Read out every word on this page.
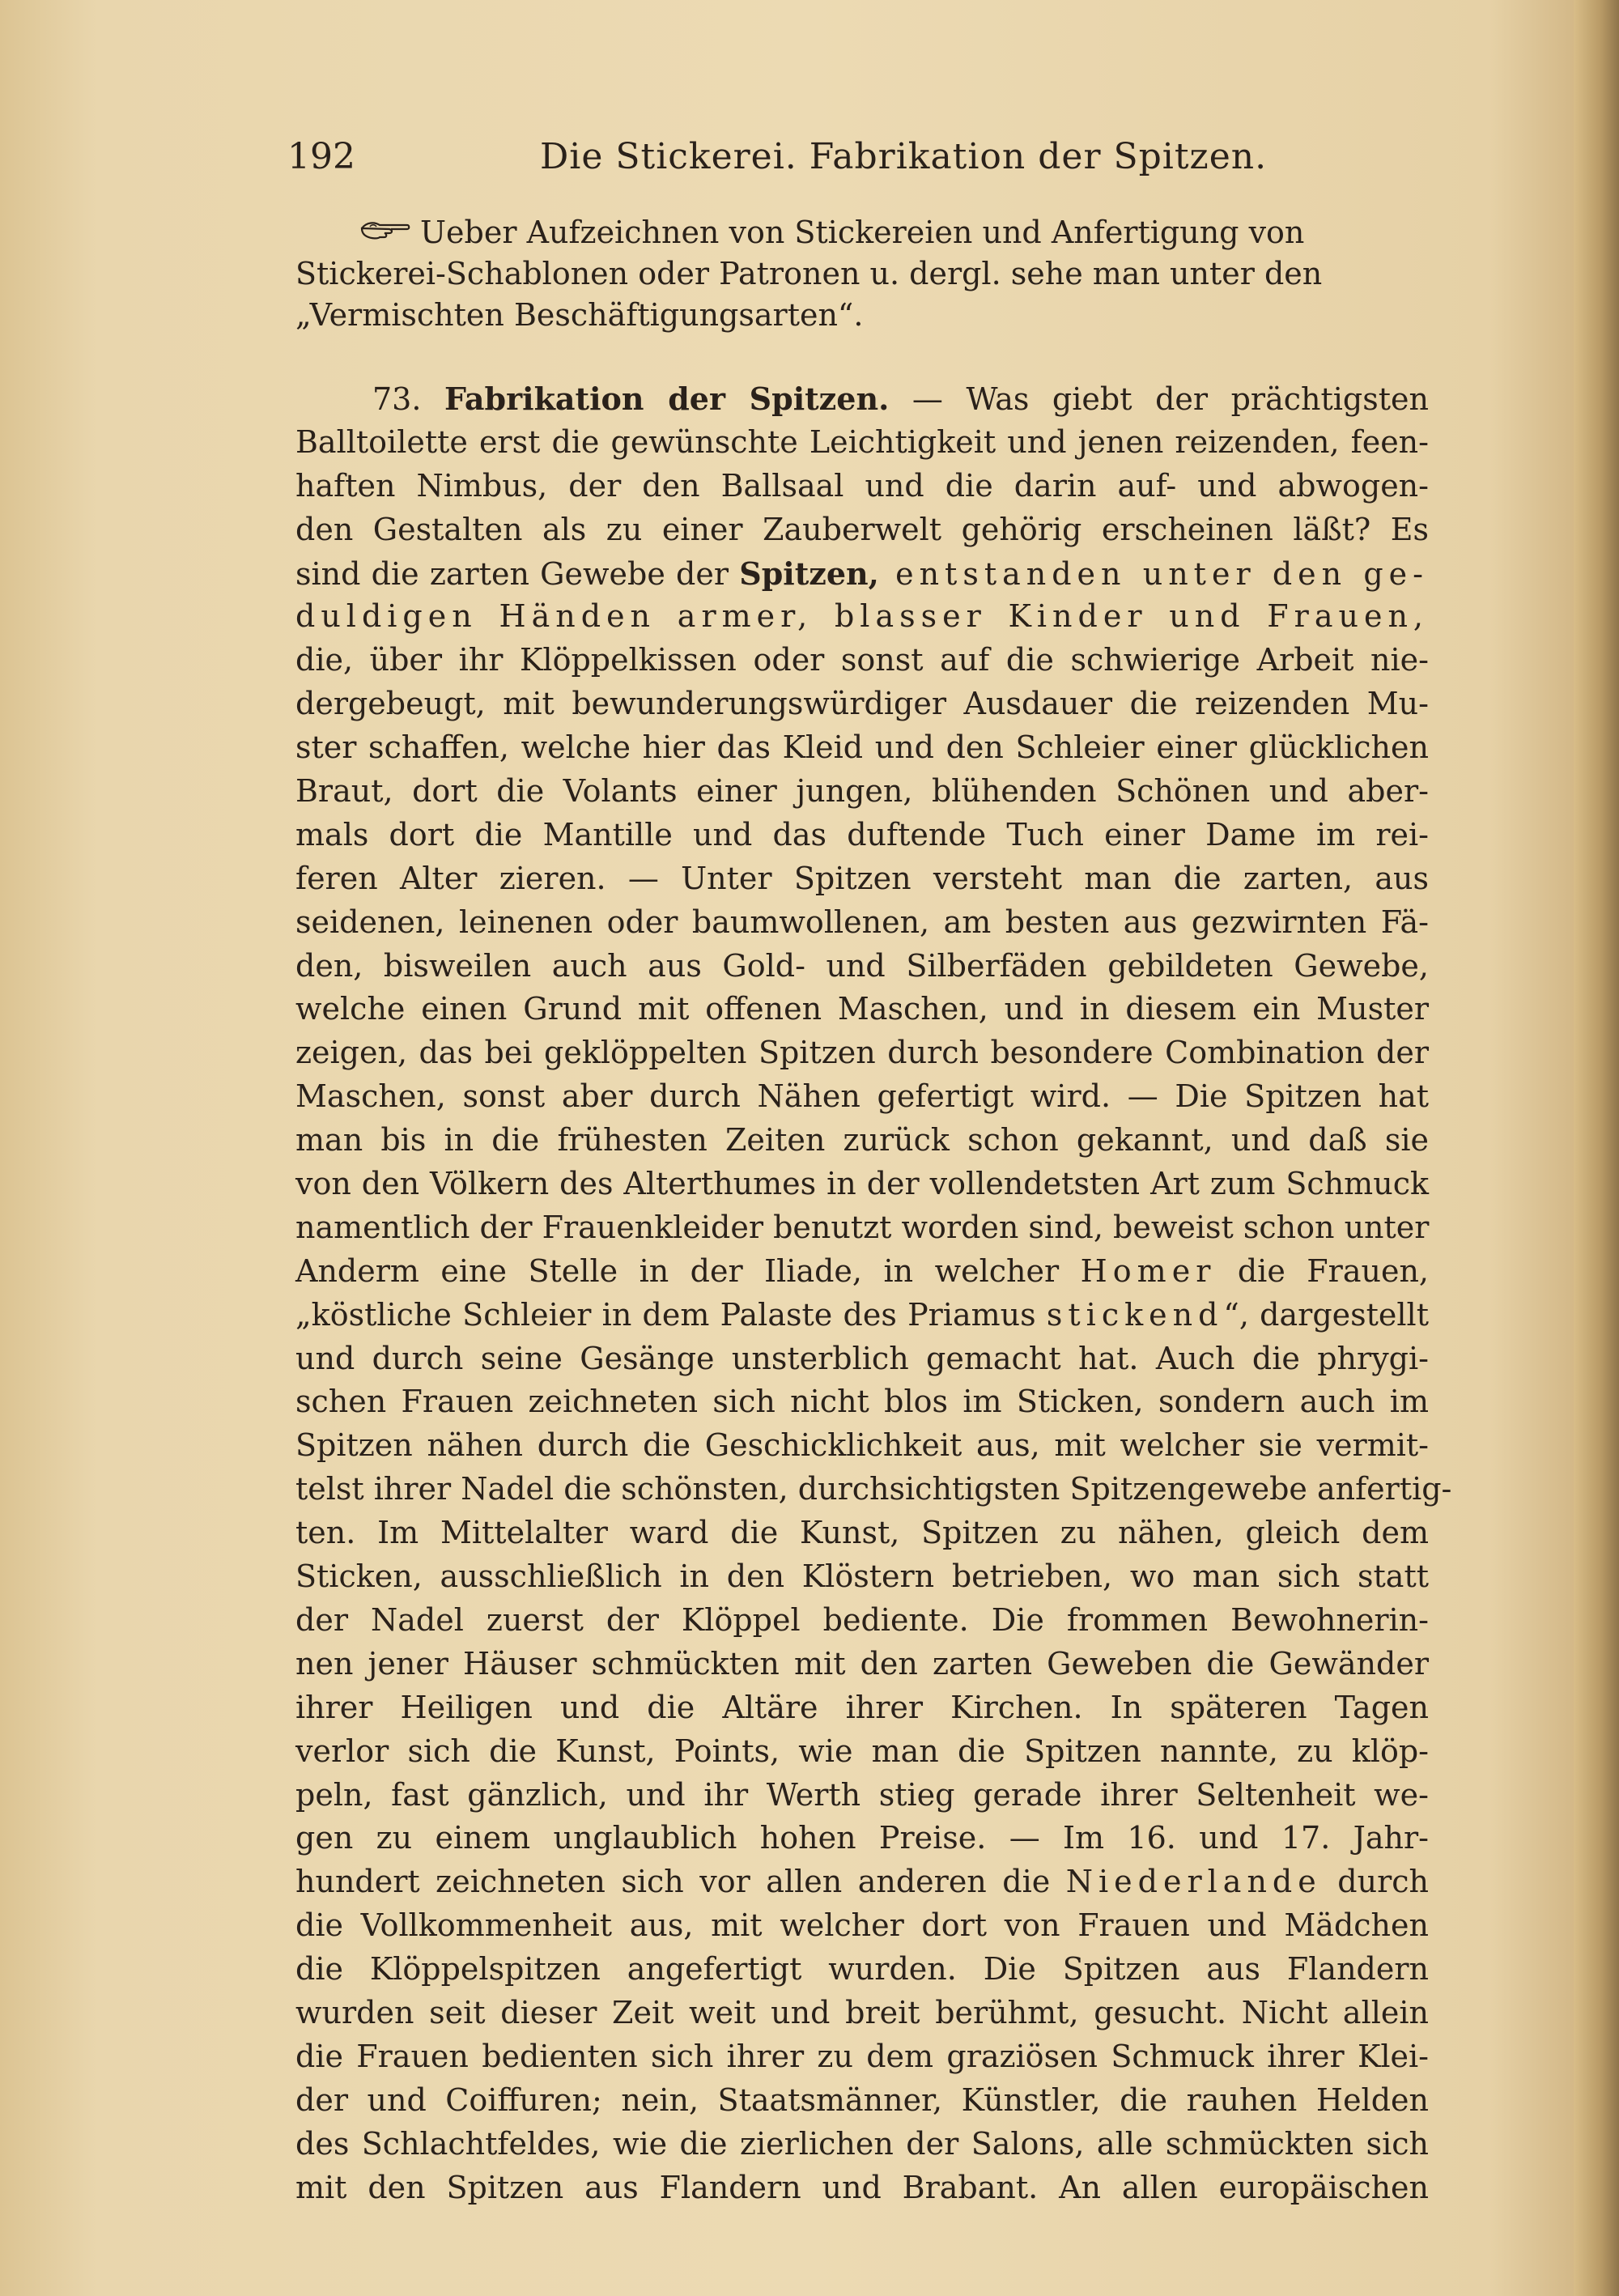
192	Die Stickerei. Fabrikation der Spitzen.
Ueber Aufzeichnen von Stickereien und Anfertigung von
Stickerei-Schablonen oder Patronen u. dergl. sehe man unter den
„Vermischten Beschäftigungsarten“.
73. Fabrikation der Spitzen. — Was giebt der prächtigsten
Balltoilette erst die gewünschte Leichtigkeit und jenen reizenden, feen-
haften Nimbus, der den Ballsaal und die darin auf- und abwogen-
den Gestalten als zu einer Zauberwelt gehörig erscheinen läßt? Es
sind die zarten Gewebe der Spitzen, entstanden unter den ge-
duldigen Händen armer, blasser Kinder und Frauen,
die, über ihr Klöppelkissen oder sonst auf die schwierige Arbeit nie-
dergebeugt, mit bewunderungswürdiger Ausdauer die reizenden Mu-
ster schaffen, welche hier das Kleid und den Schleier einer glücklichen
Braut, dort die Volants einer jungen, blühenden Schönen und aber-
mals dort die Mantille und das duftende Tuch einer Dame im rei-
feren Alter zieren. — Unter Spitzen versteht man die zarten, aus
seidenen, leinenen oder baumwollenen, am besten aus gezwirnten Fä-
den, bisweilen auch aus Gold- und Silberfäden gebildeten Gewebe,
welche einen Grund mit offenen Maschen, und in diesem ein Muster
zeigen, das bei geklöppelten Spitzen durch besondere Combination der
Maschen, sonst aber durch Nähen gefertigt wird. — Die Spitzen hat
man bis in die frühesten Zeiten zurück schon gekannt, und daß sie
von den Völkern des Alterthumes in der vollendetsten Art zum Schmuck
namentlich der Frauenkleider benutzt worden sind, beweist schon unter
Anderm eine Stelle in der Iliade, in welcher Homer die Frauen,
„köstliche Schleier in dem Palaste des Priamus stickend“, dargestellt
und durch seine Gesänge unsterblich gemacht hat. Auch die phrygi-
schen Frauen zeichneten sich nicht blos im Sticken, sondern auch im
Spitzen nähen durch die Geschicklichkeit aus, mit welcher sie vermit-
telst ihrer Nadel die schönsten, durchsichtigsten Spitzengewebe anfertig-
ten. Im Mittelalter ward die Kunst, Spitzen zu nähen, gleich dem
Sticken, ausschließlich in den Klöstern betrieben, wo man sich statt
der Nadel zuerst der Klöppel bediente. Die frommen Bewohnerin-
nen jener Häuser schmückten mit den zarten Geweben die Gewänder
ihrer Heiligen und die Altäre ihrer Kirchen. In späteren Tagen
verlor sich die Kunst, Points, wie man die Spitzen nannte, zu klöp-
peln, fast gänzlich, und ihr Werth stieg gerade ihrer Seltenheit we-
gen zu einem unglaublich hohen Preise. — Im 16. und 17. Jahr-
hundert zeichneten sich vor allen anderen die Niederlande durch
die Vollkommenheit aus, mit welcher dort von Frauen und Mädchen
die Klöppelspitzen angefertigt wurden. Die Spitzen aus Flandern
wurden seit dieser Zeit weit und breit berühmt, gesucht. Nicht allein
die Frauen bedienten sich ihrer zu dem graziösen Schmuck ihrer Klei-
der und Coiffuren; nein, Staatsmänner, Künstler, die rauhen Helden
des Schlachtfeldes, wie die zierlichen der Salons, alle schmückten sich
mit den Spitzen aus Flandern und Brabant. An allen europäischen
